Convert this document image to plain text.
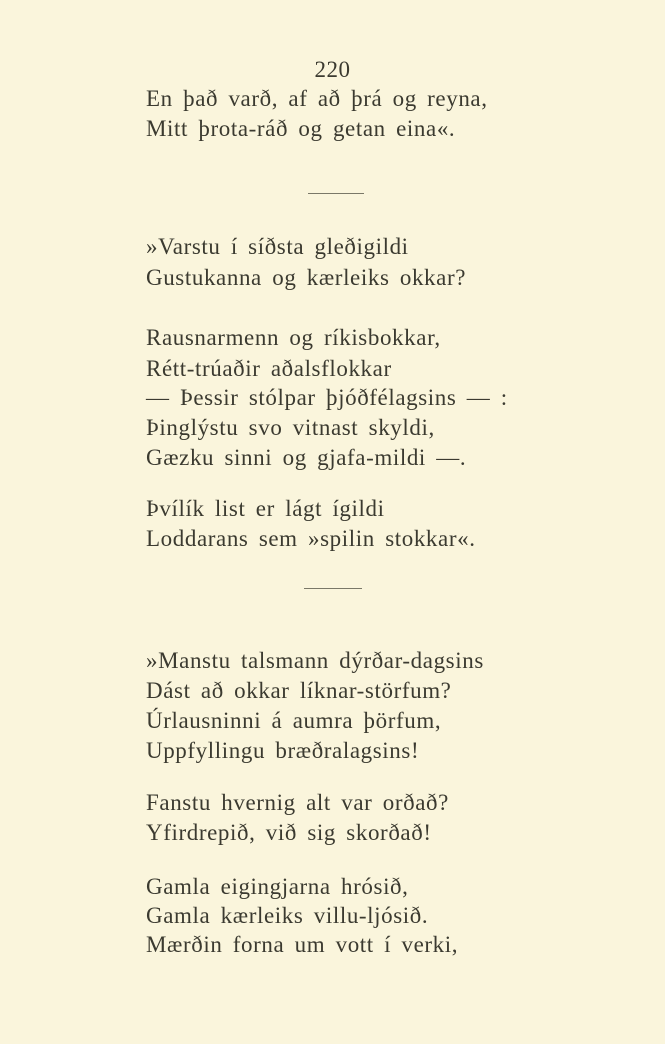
220
En það varð, af að þrá og reyna,
Mitt þrota-ráð og getan eina«.
»Varstu í síðsta gleðigildi
Gustukanna og kærleiks okkar?
Rausnarmenn og ríkisbokkar,
Rétt-trúaðir aðalsflokkar
— Þessir stólpar þjóðfélagsins — :
Þinglýstu svo vitnast skyldi,
Gæzku sinni og gjafa-mildi —.
Þvílík list er lágt ígildi
Loddarans sem »spilin stokkar«.
»Manstu talsmann dýrðar-dagsins
Dást að okkar líknar-störfum?
Úrlausninni á aumra þörfum,
Uppfyllingu bræðralagsins!
Fanstu hvernig alt var orðað?
Yfirdrepið, við sig skorðað!
Gamla eigingjarna hrósið,
Gamla kærleiks villu-ljósið.
Mærðin forna um vott í verki,
